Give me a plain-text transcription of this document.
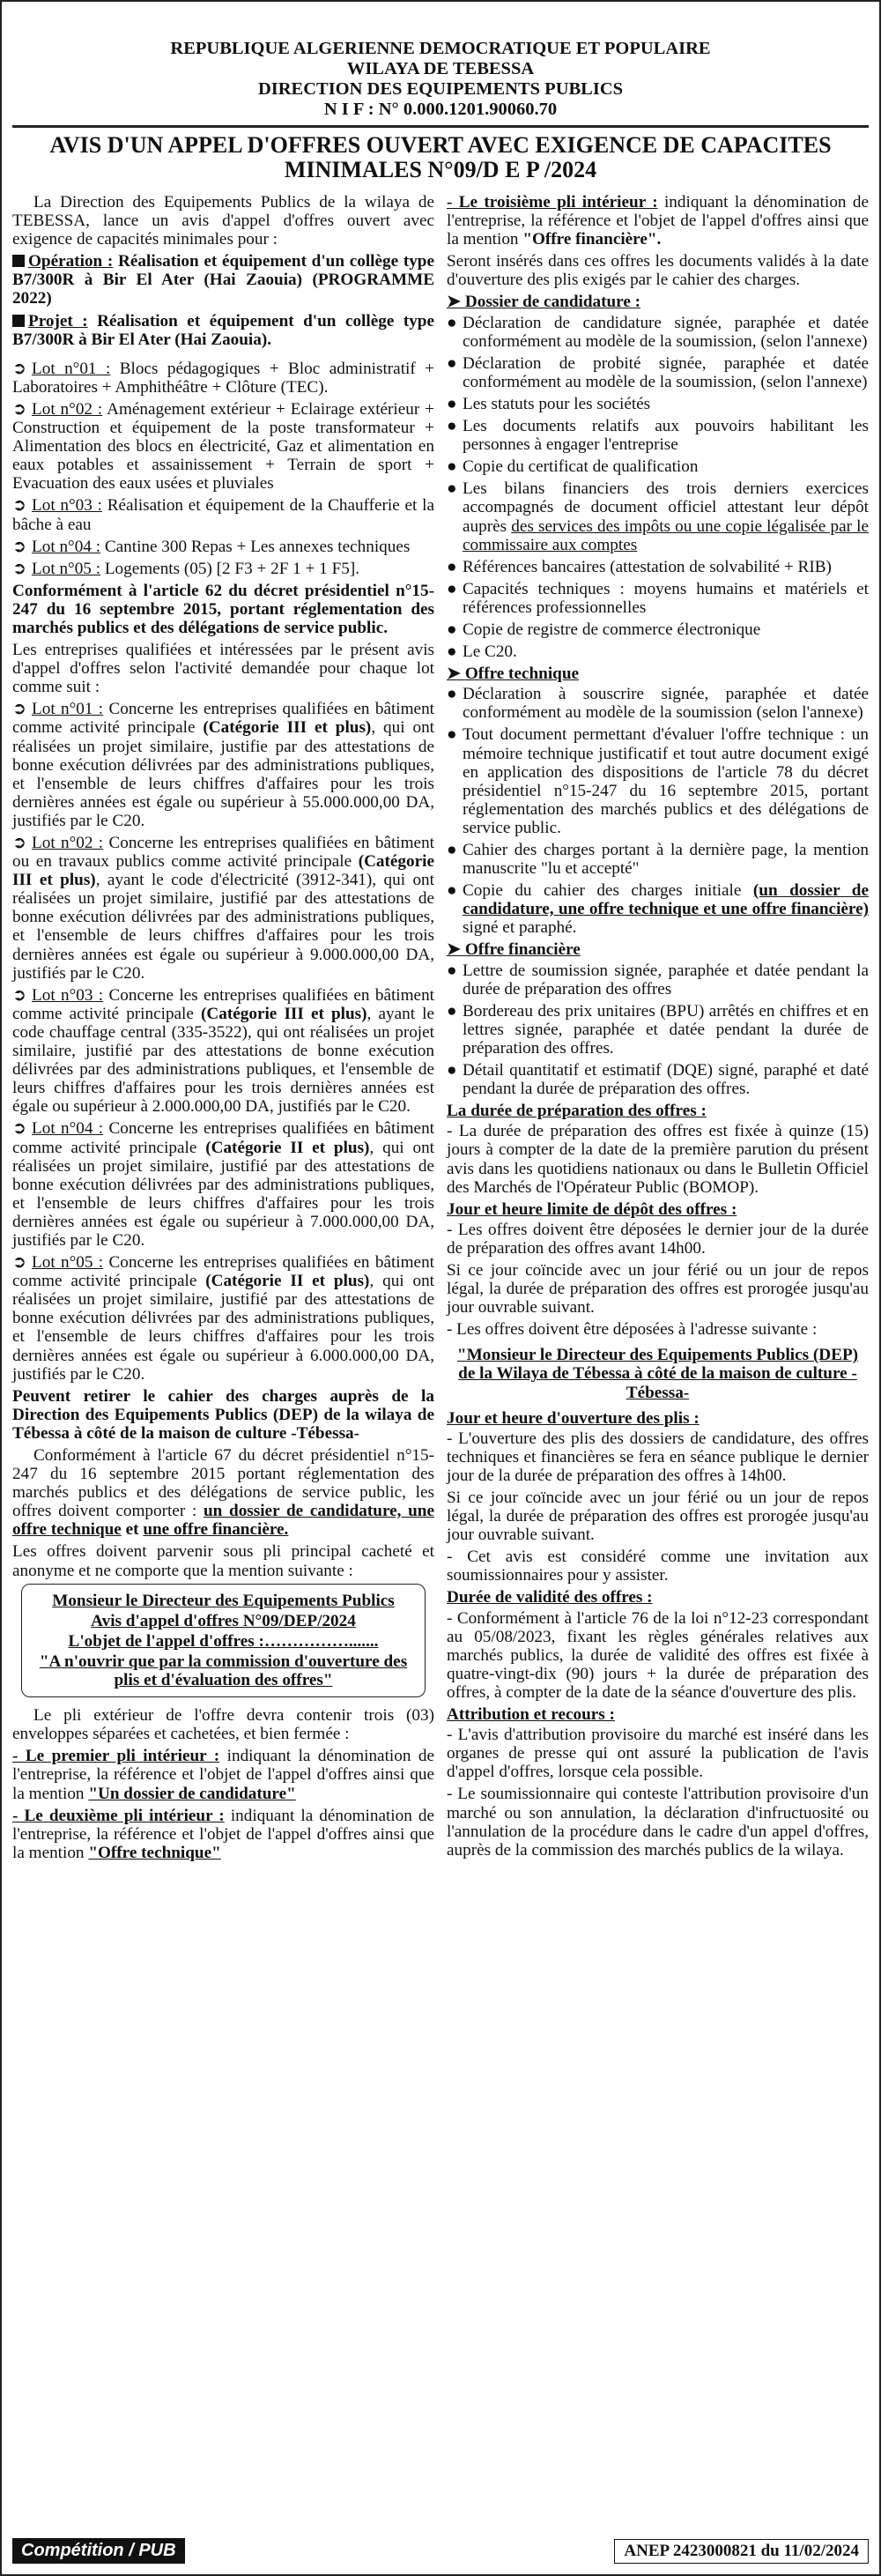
REPUBLIQUE ALGERIENNE DEMOCRATIQUE ET POPULAIRE
WILAYA DE TEBESSA
DIRECTION DES EQUIPEMENTS PUBLICS
N I F : N° 0.000.1201.90060.70
AVIS D'UN APPEL D'OFFRES OUVERT AVEC EXIGENCE DE CAPACITES MINIMALES N°09/D E P /2024

La Direction des Equipements Publics de la wilaya de TEBESSA, lance un avis d'appel d'offres ouvert avec exigence de capacités minimales pour :

Opération : Réalisation et équipement d'un collège type B7/300R à Bir El Ater (Hai Zaouia) (PROGRAMME 2022)

Projet : Réalisation et équipement d'un collège type B7/300R à Bir El Ater (Hai Zaouia).

➲ Lot n°01 : Blocs pédagogiques + Bloc administratif + Laboratoires + Amphithéâtre + Clôture (TEC).

➲ Lot n°02 : Aménagement extérieur + Eclairage extérieur + Construction et équipement de la poste transformateur + Alimentation des blocs en électricité, Gaz et alimentation en eaux potables et assainissement + Terrain de sport + Evacuation des eaux usées et pluviales

➲ Lot n°03 : Réalisation et équipement de la Chaufferie et la bâche à eau

➲ Lot n°04 : Cantine 300 Repas + Les annexes techniques

➲ Lot n°05 : Logements (05) [2 F3 + 2F 1 + 1 F5].

Conformément à l'article 62 du décret présidentiel n°15-247 du 16 septembre 2015, portant réglementation des marchés publics et des délégations de service public.

Les entreprises qualifiées et intéressées par le présent avis d'appel d'offres selon l'activité demandée pour chaque lot comme suit :

➲ Lot n°01 : Concerne les entreprises qualifiées en bâtiment comme activité principale (Catégorie III et plus), qui ont réalisées un projet similaire, justifie par des attestations de bonne exécution délivrées par des administrations publiques, et l'ensemble de leurs chiffres d'affaires pour les trois dernières années est égale ou supérieur à 55.000.000,00 DA, justifiés par le C20.

➲ Lot n°02 : Concerne les entreprises qualifiées en bâtiment ou en travaux publics comme activité principale (Catégorie III et plus), ayant le code d'électricité (3912-341), qui ont réalisées un projet similaire, justifié par des attestations de bonne exécution délivrées par des administrations publiques, et l'ensemble de leurs chiffres d'affaires pour les trois dernières années est égale ou supérieur à 9.000.000,00 DA, justifiés par le C20.

➲ Lot n°03 : Concerne les entreprises qualifiées en bâtiment comme activité principale (Catégorie III et plus), ayant le code chauffage central (335-3522), qui ont réalisées un projet similaire, justifié par des attestations de bonne exécution délivrées par des administrations publiques, et l'ensemble de leurs chiffres d'affaires pour les trois dernières années est égale ou supérieur à 2.000.000,00 DA, justifiés par le C20.

➲ Lot n°04 : Concerne les entreprises qualifiées en bâtiment comme activité principale (Catégorie II et plus), qui ont réalisées un projet similaire, justifié par des attestations de bonne exécution délivrées par des administrations publiques, et l'ensemble de leurs chiffres d'affaires pour les trois dernières années est égale ou supérieur à 7.000.000,00 DA, justifiés par le C20.

➲ Lot n°05 : Concerne les entreprises qualifiées en bâtiment comme activité principale (Catégorie II et plus), qui ont réalisées un projet similaire, justifié par des attestations de bonne exécution délivrées par des administrations publiques, et l'ensemble de leurs chiffres d'affaires pour les trois dernières années est égale ou supérieur à 6.000.000,00 DA, justifiés par le C20.

Peuvent retirer le cahier des charges auprès de la Direction des Equipements Publics (DEP) de la wilaya de Tébessa à côté de la maison de culture -Tébessa-

Conformément à l'article 67 du décret présidentiel n°15-247 du 16 septembre 2015 portant réglementation des marchés publics et des délégations de service public, les offres doivent comporter : un dossier de candidature, une offre technique et une offre financière.

Les offres doivent parvenir sous pli principal cacheté et anonyme et ne comporte que la mention suivante :

Monsieur le Directeur des Equipements Publics
Avis d'appel d'offres N°09/DEP/2024
L'objet de l'appel d'offres :…………….......
"A n'ouvrir que par la commission d'ouverture des plis et d'évaluation des offres"

Le pli extérieur de l'offre devra contenir trois (03) enveloppes séparées et cachetées, et bien fermée :

- Le premier pli intérieur : indiquant la dénomination de l'entreprise, la référence et l'objet de l'appel d'offres ainsi que la mention "Un dossier de candidature"

- Le deuxième pli intérieur : indiquant la dénomination de l'entreprise, la référence et l'objet de l'appel d'offres ainsi que la mention "Offre technique"

- Le troisième pli intérieur : indiquant la dénomination de l'entreprise, la référence et l'objet de l'appel d'offres ainsi que la mention "Offre financière".

Seront insérés dans ces offres les documents validés à la date d'ouverture des plis exigés par le cahier des charges.

➤ Dossier de candidature :
● Déclaration de candidature signée, paraphée et datée conformément au modèle de la soumission, (selon l'annexe)
● Déclaration de probité signée, paraphée et datée conformément au modèle de la soumission, (selon l'annexe)
● Les statuts pour les sociétés
● Les documents relatifs aux pouvoirs habilitant les personnes à engager l'entreprise
● Copie du certificat de qualification
● Les bilans financiers des trois derniers exercices accompagnés de document officiel attestant leur dépôt auprès des services des impôts ou une copie légalisée par le commissaire aux comptes
● Références bancaires (attestation de solvabilité + RIB)
● Capacités techniques : moyens humains et matériels et références professionnelles
● Copie de registre de commerce électronique
● Le C20.
➤ Offre technique
● Déclaration à souscrire signée, paraphée et datée conformément au modèle de la soumission (selon l'annexe)
● Tout document permettant d'évaluer l'offre technique : un mémoire technique justificatif et tout autre document exigé en application des dispositions de l'article 78 du décret présidentiel n°15-247 du 16 septembre 2015, portant réglementation des marchés publics et des délégations de service public.
● Cahier des charges portant à la dernière page, la mention manuscrite "lu et accepté"
● Copie du cahier des charges initiale (un dossier de candidature, une offre technique et une offre financière) signé et paraphé.
➤ Offre financière
● Lettre de soumission signée, paraphée et datée pendant la durée de préparation des offres
● Bordereau des prix unitaires (BPU) arrêtés en chiffres et en lettres signée, paraphée et datée pendant la durée de préparation des offres.
● Détail quantitatif et estimatif (DQE) signé, paraphé et daté pendant la durée de préparation des offres.
La durée de préparation des offres :

- La durée de préparation des offres est fixée à quinze (15) jours à compter de la date de la première parution du présent avis dans les quotidiens nationaux ou dans le Bulletin Officiel des Marchés de l'Opérateur Public (BOMOP).

Jour et heure limite de dépôt des offres :

- Les offres doivent être déposées le dernier jour de la durée de préparation des offres avant 14h00.

Si ce jour coïncide avec un jour férié ou un jour de repos légal, la durée de préparation des offres est prorogée jusqu'au jour ouvrable suivant.

- Les offres doivent être déposées à l'adresse suivante :

"Monsieur le Directeur des Equipements Publics (DEP) de la Wilaya de Tébessa à côté de la maison de culture -Tébessa-

Jour et heure d'ouverture des plis :

- L'ouverture des plis des dossiers de candidature, des offres techniques et financières se fera en séance publique le dernier jour de la durée de préparation des offres à 14h00.

Si ce jour coïncide avec un jour férié ou un jour de repos légal, la durée de préparation des offres est prorogée jusqu'au jour ouvrable suivant.

- Cet avis est considéré comme une invitation aux soumissionnaires pour y assister.

Durée de validité des offres :

- Conformément à l'article 76 de la loi n°12-23 correspondant au 05/08/2023, fixant les règles générales relatives aux marchés publics, la durée de validité des offres est fixée à quatre-vingt-dix (90) jours + la durée de préparation des offres, à compter de la date de la séance d'ouverture des plis.

Attribution et recours :

- L'avis d'attribution provisoire du marché est inséré dans les organes de presse qui ont assuré la publication de l'avis d'appel d'offres, lorsque cela possible.

- Le soumissionnaire qui conteste l'attribution provisoire d'un marché ou son annulation, la déclaration d'infructuosité ou l'annulation de la procédure dans le cadre d'un appel d'offres, auprès de la commission des marchés publics de la wilaya.

Compétition / PUB	ANEP 2423000821 du 11/02/2024
